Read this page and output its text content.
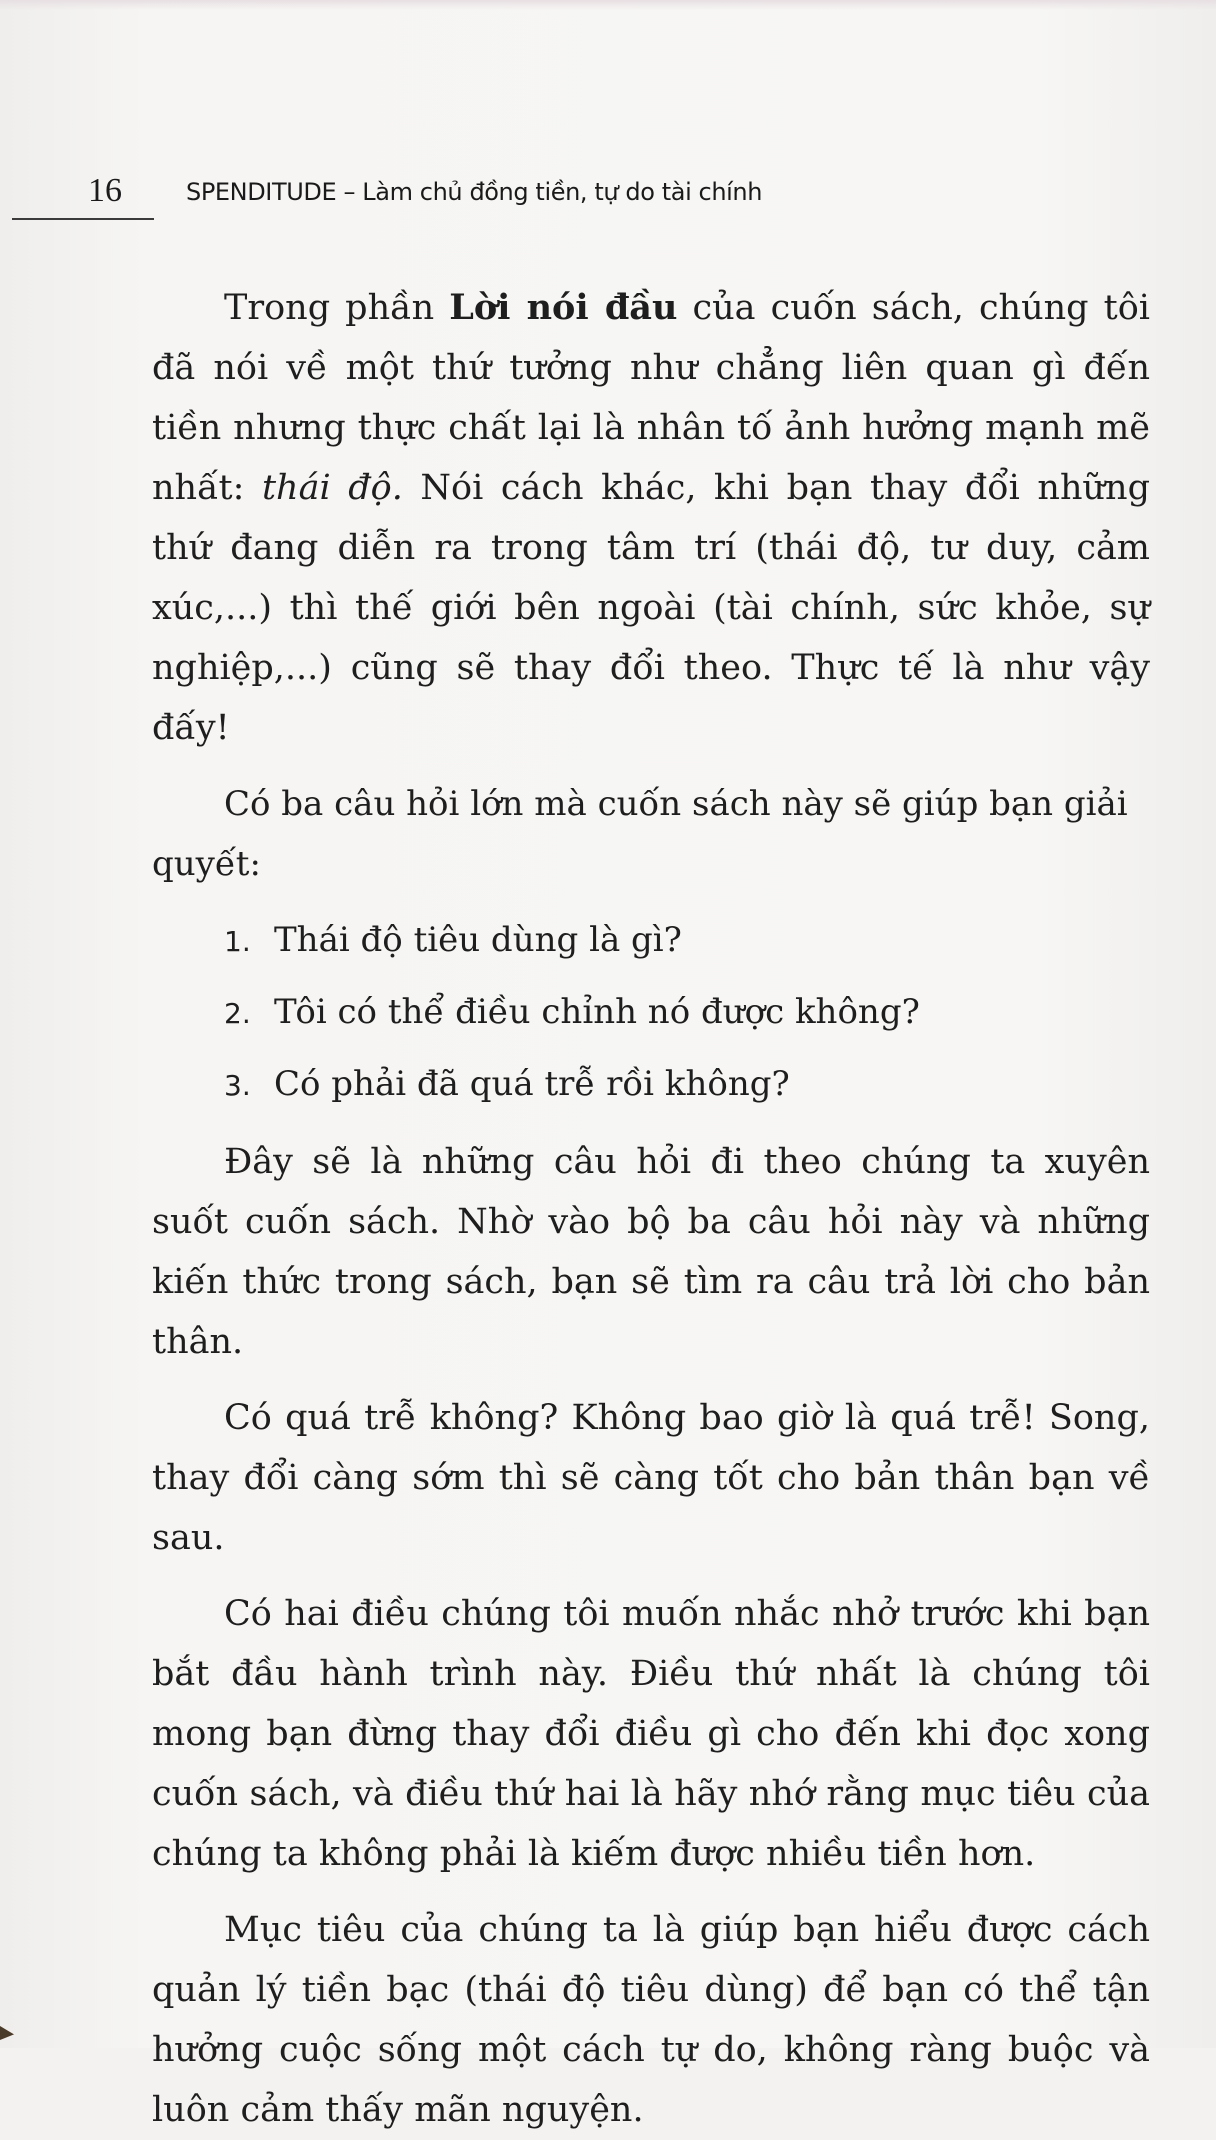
16	SPENDITUDE – Làm chủ đồng tiền, tự do tài chính

Trong phần Lời nói đầu của cuốn sách, chúng tôi đã nói về một thứ tưởng như chẳng liên quan gì đến tiền nhưng thực chất lại là nhân tố ảnh hưởng mạnh mẽ nhất: thái độ. Nói cách khác, khi bạn thay đổi những thứ đang diễn ra trong tâm trí (thái độ, tư duy, cảm xúc,...) thì thế giới bên ngoài (tài chính, sức khỏe, sự nghiệp,...) cũng sẽ thay đổi theo. Thực tế là như vậy đấy!

Có ba câu hỏi lớn mà cuốn sách này sẽ giúp bạn giải quyết:

1. Thái độ tiêu dùng là gì?
2. Tôi có thể điều chỉnh nó được không?
3. Có phải đã quá trễ rồi không?

Đây sẽ là những câu hỏi đi theo chúng ta xuyên suốt cuốn sách. Nhờ vào bộ ba câu hỏi này và những kiến thức trong sách, bạn sẽ tìm ra câu trả lời cho bản thân.

Có quá trễ không? Không bao giờ là quá trễ! Song, thay đổi càng sớm thì sẽ càng tốt cho bản thân bạn về sau.

Có hai điều chúng tôi muốn nhắc nhở trước khi bạn bắt đầu hành trình này. Điều thứ nhất là chúng tôi mong bạn đừng thay đổi điều gì cho đến khi đọc xong cuốn sách, và điều thứ hai là hãy nhớ rằng mục tiêu của chúng ta không phải là kiếm được nhiều tiền hơn.

Mục tiêu của chúng ta là giúp bạn hiểu được cách quản lý tiền bạc (thái độ tiêu dùng) để bạn có thể tận hưởng cuộc sống một cách tự do, không ràng buộc và luôn cảm thấy mãn nguyện.
